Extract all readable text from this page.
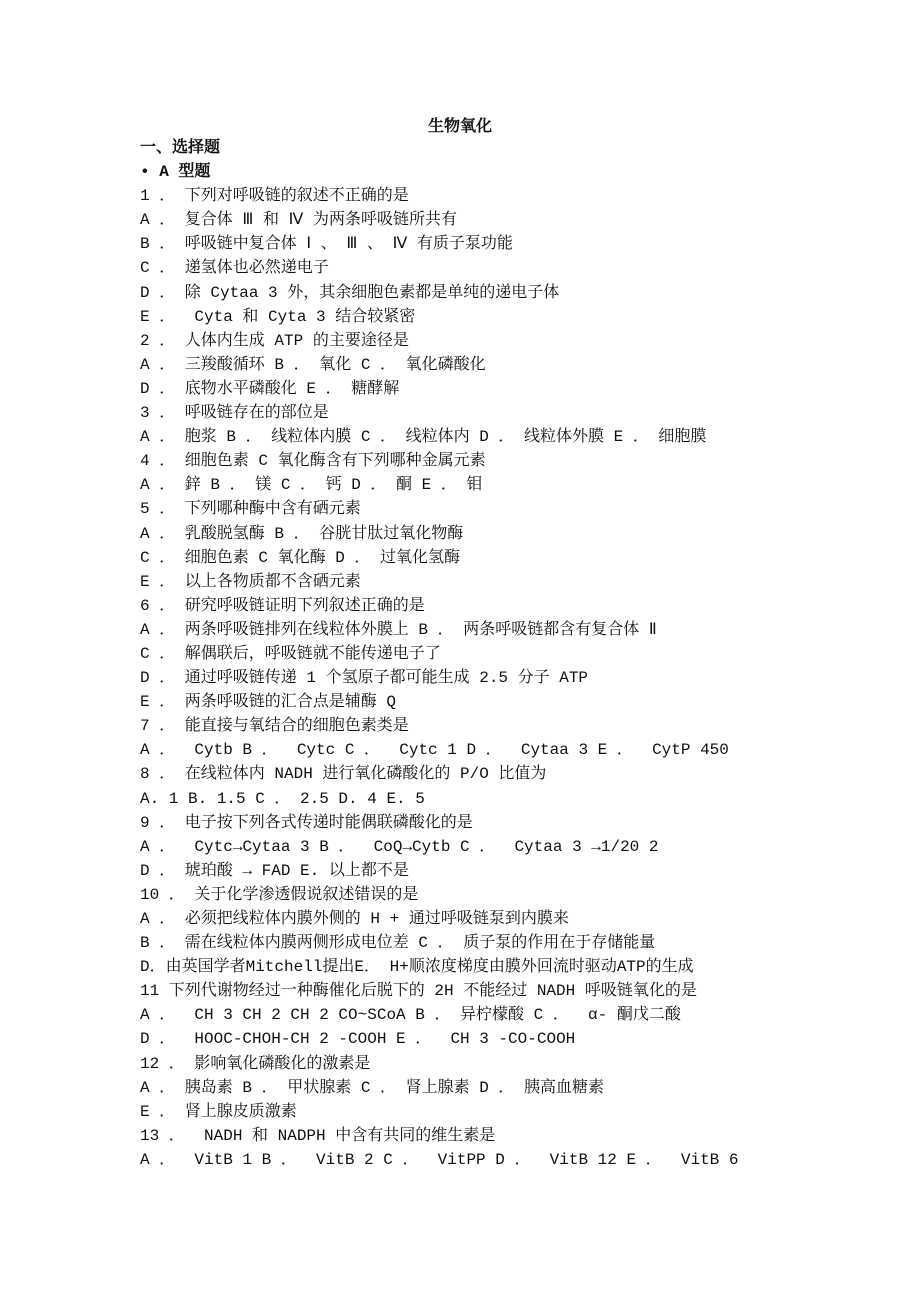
生物氧化
一、选择题
• A 型题
1 ． 下列对呼吸链的叙述不正确的是
A ． 复合体 Ⅲ 和 Ⅳ 为两条呼吸链所共有
B ． 呼吸链中复合体 Ⅰ 、 Ⅲ 、 Ⅳ 有质子泵功能
C ． 递氢体也必然递电子
D ． 除 Cytaa 3 外，其余细胞色素都是单纯的递电子体
E ．  Cyta 和 Cyta 3 结合较紧密
2 ． 人体内生成 ATP 的主要途径是
A ． 三羧酸循环 B ． 氧化 C ． 氧化磷酸化
D ． 底物水平磷酸化 E ． 糖酵解
3 ． 呼吸链存在的部位是
A ． 胞浆 B ． 线粒体内膜 C ． 线粒体内 D ． 线粒体外膜 E ． 细胞膜
4 ． 细胞色素 C 氧化酶含有下列哪种金属元素
A ． 鋅 B ． 镁 C ． 钙 D ． 酮 E ． 钼
5 ． 下列哪种酶中含有硒元素
A ． 乳酸脱氢酶 B ． 谷胱甘肽过氧化物酶
C ． 细胞色素 C 氧化酶 D ． 过氧化氢酶
E ． 以上各物质都不含硒元素
6 ． 研究呼吸链证明下列叙述正确的是
A ． 两条呼吸链排列在线粒体外膜上 B ． 两条呼吸链都含有复合体 Ⅱ
C ． 解偶联后，呼吸链就不能传递电子了
D ． 通过呼吸链传递 1 个氢原子都可能生成 2.5 分子 ATP
E ． 两条呼吸链的汇合点是辅酶 Q
7 ． 能直接与氧结合的细胞色素类是
A ．  Cytb B ．  Cytc C ．  Cytc 1 D ．  Cytaa 3 E ．  CytP 450
8 ． 在线粒体内 NADH 进行氧化磷酸化的 P/O 比值为
A. 1 B. 1.5 C ． 2.5 D. 4 E. 5
9 ． 电子按下列各式传递时能偶联磷酸化的是
A ．  Cytc→Cytaa 3 B ．  CoQ→Cytb C ．  Cytaa 3 →1/20 2
D ． 琥珀酸 → FAD E. 以上都不是
10 ． 关于化学渗透假说叙述错误的是
A ． 必须把线粒体内膜外侧的 H + 通过呼吸链泵到内膜来
B ． 需在线粒体内膜两侧形成电位差 C ． 质子泵的作用在于存储能量
D．由英国学者Mitchell提出E． H+顺浓度梯度由膜外回流时驱动ATP的生成
11 下列代谢物经过一种酶催化后脱下的 2H 不能经过 NADH 呼吸链氧化的是
A ．  CH 3 CH 2 CH 2 CO~SCoA B ． 异柠檬酸 C ．  α- 酮戊二酸
D ．  HOOC-CHOH-CH 2 -COOH E ．  CH 3 -CO-COOH
12 ． 影响氧化磷酸化的激素是
A ． 胰岛素 B ． 甲状腺素 C ． 肾上腺素 D ． 胰高血糖素
E ． 肾上腺皮质激素
13 ．  NADH 和 NADPH 中含有共同的维生素是
A ．  VitB 1 B ．  VitB 2 C ．  VitPP D ．  VitB 12 E ．  VitB 6
